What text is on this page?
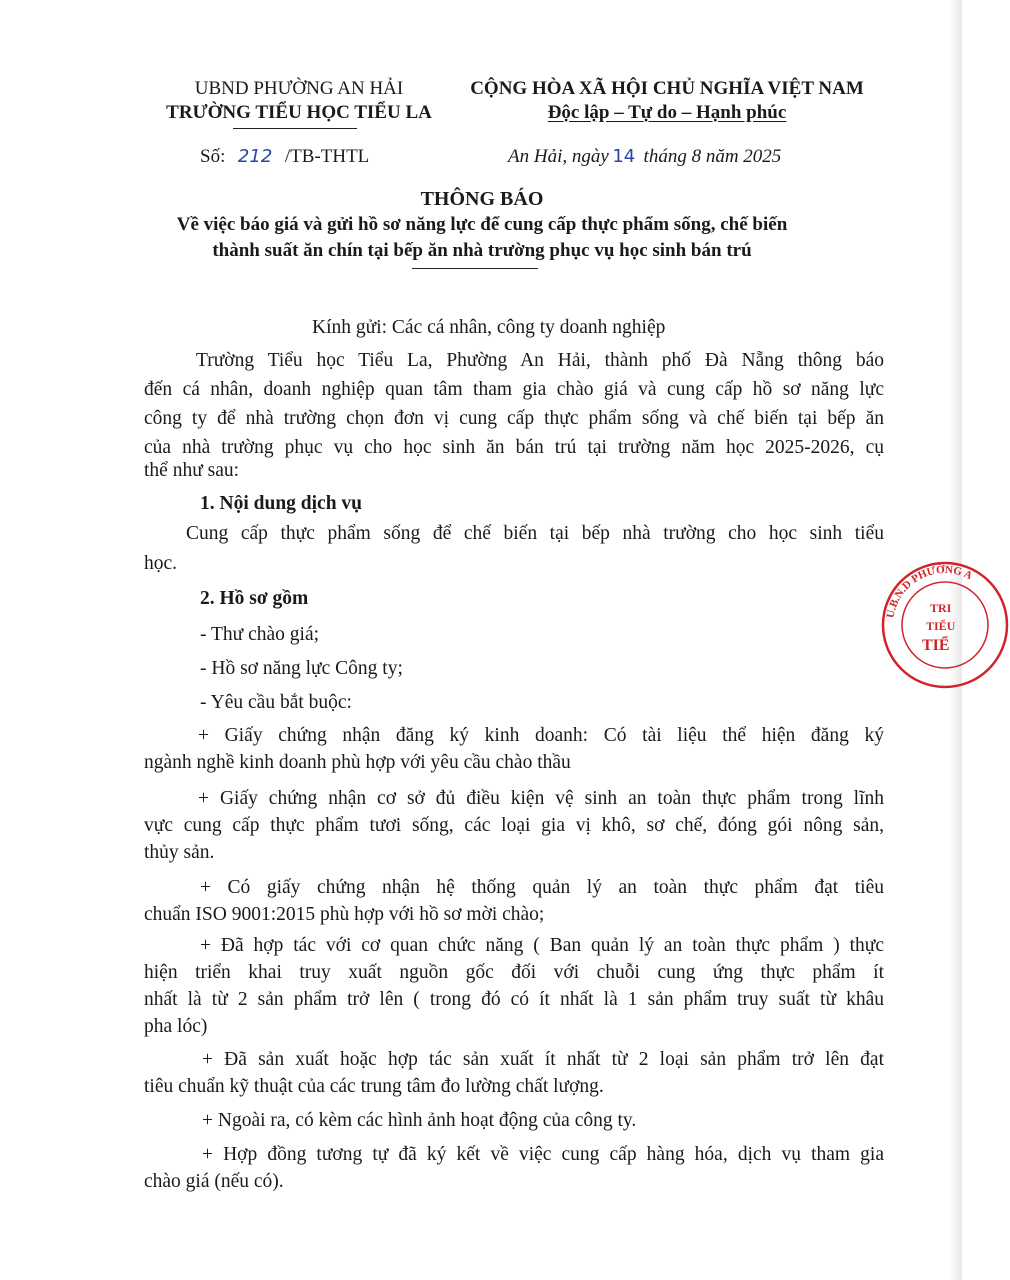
UBND PHƯỜNG AN HẢI
TRƯỜNG TIỂU HỌC TIỂU LA
CỘNG HÒA XÃ HỘI CHỦ NGHĨA VIỆT NAM
Độc lập – Tự do – Hạnh phúc
Số: 212 /TB-THTL	An Hải, ngày 14 tháng 8 năm 2025
THÔNG BÁO
Về việc báo giá và gửi hồ sơ năng lực để cung cấp thực phẩm sống, chế biến
thành suất ăn chín tại bếp ăn nhà trường phục vụ học sinh bán trú
Kính gửi: Các cá nhân, công ty doanh nghiệp
Trường Tiểu học Tiểu La, Phường An Hải, thành phố Đà Nẵng thông báo
đến cá nhân, doanh nghiệp quan tâm tham gia chào giá và cung cấp hồ sơ năng lực
công ty để nhà trường chọn đơn vị cung cấp thực phẩm sống và chế biến tại bếp ăn
của nhà trường phục vụ cho học sinh ăn bán trú tại trường năm học 2025-2026, cụ
thể như sau:
1. Nội dung dịch vụ
Cung cấp thực phẩm sống để chế biến tại bếp nhà trường cho học sinh tiểu
học.
2. Hồ sơ gồm
- Thư chào giá;
- Hồ sơ năng lực Công ty;
- Yêu cầu bắt buộc:
+ Giấy chứng nhận đăng ký kinh doanh: Có tài liệu thể hiện đăng ký
ngành nghề kinh doanh phù hợp với yêu cầu chào thầu
+ Giấy chứng nhận cơ sở đủ điều kiện vệ sinh an toàn thực phẩm trong lĩnh
vực cung cấp thực phẩm tươi sống, các loại gia vị khô, sơ chế, đóng gói nông sản,
thủy sản.
+ Có giấy chứng nhận hệ thống quản lý an toàn thực phẩm đạt tiêu
chuẩn ISO 9001:2015 phù hợp với hồ sơ mời chào;
+ Đã hợp tác với cơ quan chức năng ( Ban quản lý an toàn thực phẩm ) thực
hiện triển khai truy xuất nguồn gốc đối với chuỗi cung ứng thực phẩm ít
nhất là từ 2 sản phẩm trở lên ( trong đó có ít nhất là 1 sản phẩm truy suất từ khâu
pha lóc)
+ Đã sản xuất hoặc hợp tác sản xuất ít nhất từ 2 loại sản phẩm trở lên đạt
tiêu chuẩn kỹ thuật của các trung tâm đo lường chất lượng.
+ Ngoài ra, có kèm các hình ảnh hoạt động của công ty.
+ Hợp đồng tương tự đã ký kết về việc cung cấp hàng hóa, dịch vụ tham gia
chào giá (nếu có).
U.B.N.D PHƯỜNG A
TRI
TIỂU
TIỂ
